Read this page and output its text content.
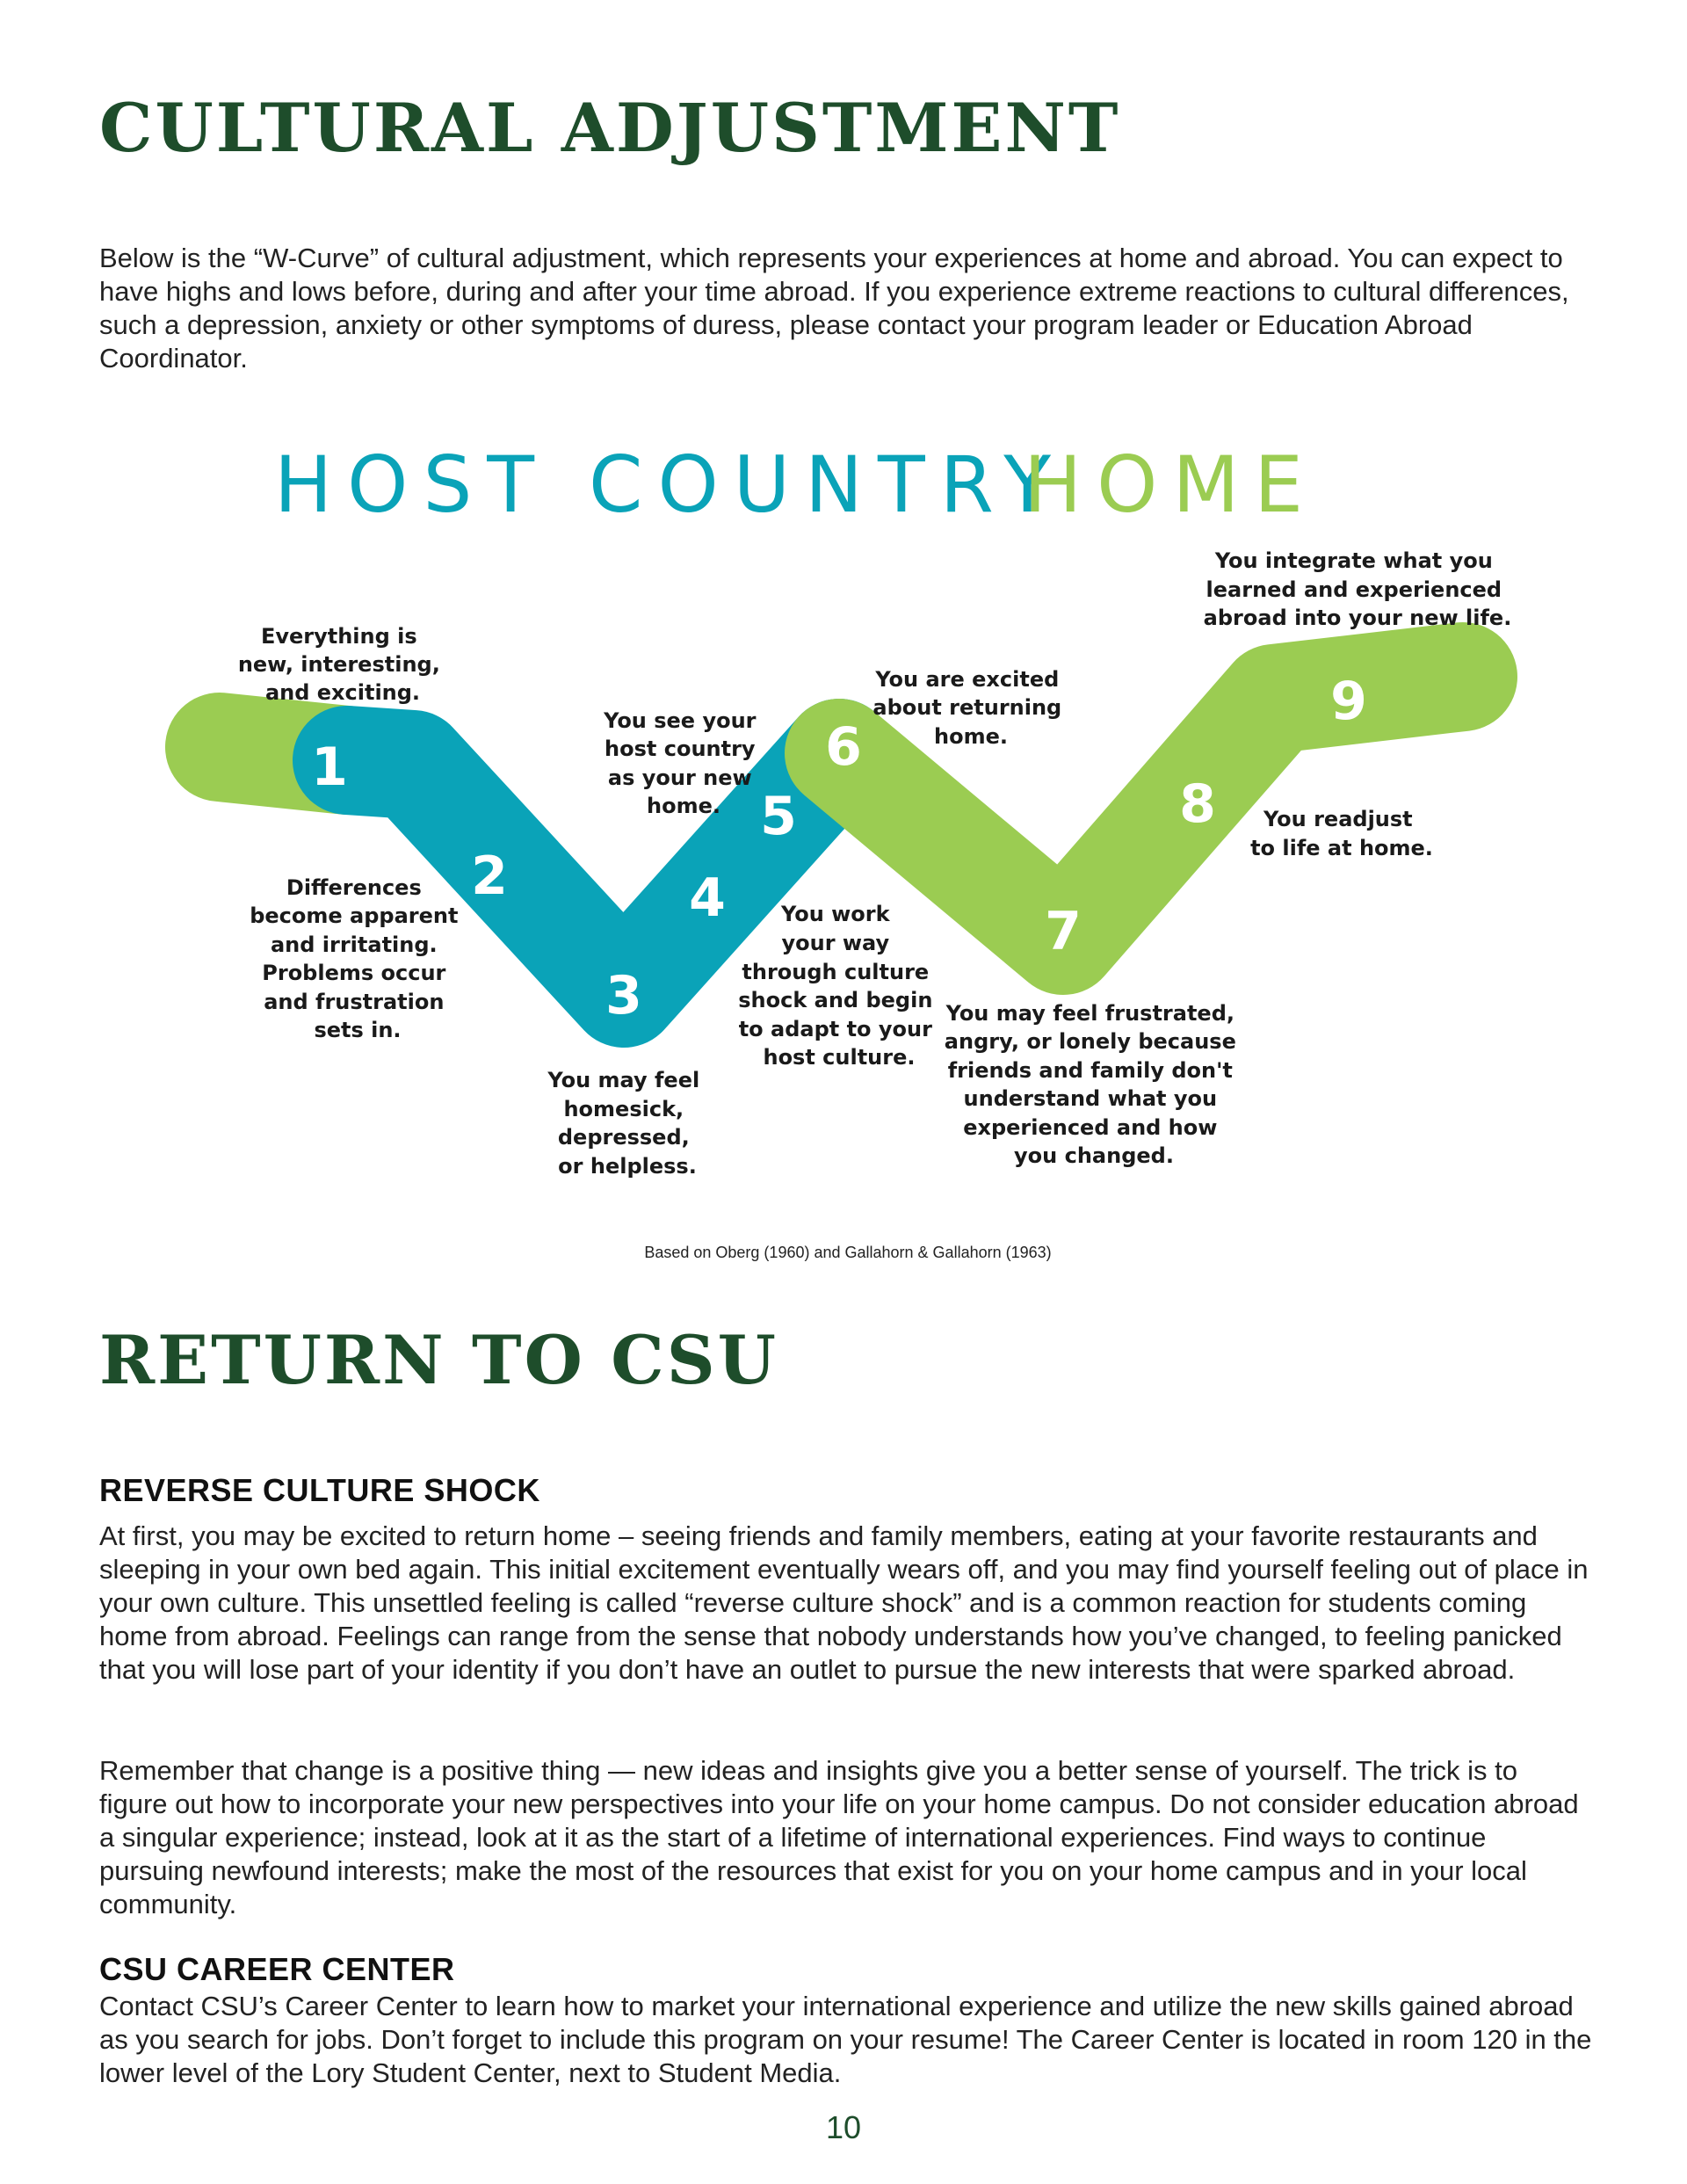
CULTURAL ADJUSTMENT

Below is the “W-Curve” of cultural adjustment, which represents your experiences at home and abroad. You can expect to have highs and lows before, during and after your time abroad. If you experience extreme reactions to cultural differences, such a depression, anxiety or other symptoms of duress, please contact your program leader or Education Abroad Coordinator.

HOST COUNTRY
HOME
1
2
3
4
5
6
7
8
9
Everything is new, interesting, and exciting.
Differences become apparent and irritating. Problems occur and frustration sets in.
You may feel homesick, depressed, or helpless.
You work your way through culture shock and begin to adapt to your host culture.
You see your host country as your new home.
You are excited about returning home.
You may feel frustrated, angry, or lonely because friends and family don't understand what you experienced and how you changed.
You readjust to life at home.
You integrate what you learned and experienced abroad into your new life.
Based on Oberg (1960) and Gallahorn & Gallahorn (1963)
RETURN TO CSU
REVERSE CULTURE SHOCK

At first, you may be excited to return home – seeing friends and family members, eating at your favorite restaurants and sleeping in your own bed again. This initial excitement eventually wears off, and you may find yourself feeling out of place in your own culture. This unsettled feeling is called “reverse culture shock” and is a common reaction for students coming home from abroad. Feelings can range from the sense that nobody understands how you’ve changed, to feeling panicked that you will lose part of your identity if you don’t have an outlet to pursue the new interests that were sparked abroad.

Remember that change is a positive thing — new ideas and insights give you a better sense of yourself. The trick is to figure out how to incorporate your new perspectives into your life on your home campus. Do not consider education abroad a singular experience; instead, look at it as the start of a lifetime of international experiences. Find ways to continue pursuing newfound interests; make the most of the resources that exist for you on your home campus and in your local community.

CSU CAREER CENTER

Contact CSU’s Career Center to learn how to market your international experience and utilize the new skills gained abroad as you search for jobs. Don’t forget to include this program on your resume! The Career Center is located in room 120 in the lower level of the Lory Student Center, next to Student Media.

10
